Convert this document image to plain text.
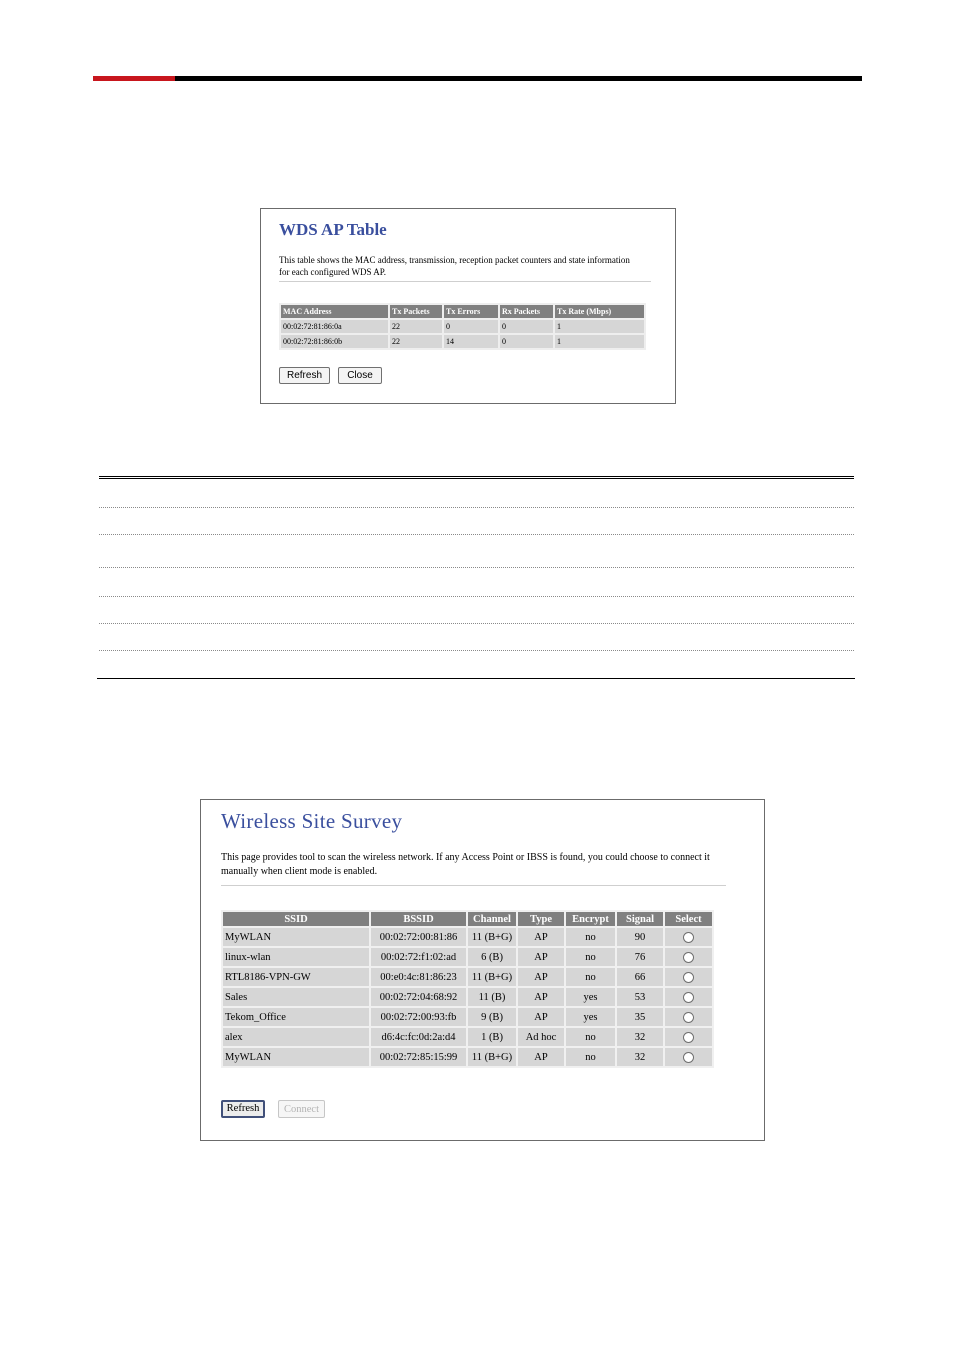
WDS AP Table
This table shows the MAC address, transmission, reception packet counters and state information for each configured WDS AP.
MAC Address	Tx Packets	Tx Errors	Rx Packets	Tx Rate (Mbps)
00:02:72:81:86:0a	22	0	0	1
00:02:72:81:86:0b	22	14	0	1
Refresh	Close
Wireless Site Survey
This page provides tool to scan the wireless network. If any Access Point or IBSS is found, you could choose to connect it manually when client mode is enabled.
SSID	BSSID	Channel	Type	Encrypt	Signal	Select
MyWLAN	00:02:72:00:81:86	11 (B+G)	AP	no	90	
linux-wlan	00:02:72:f1:02:ad	6 (B)	AP	no	76	
RTL8186-VPN-GW	00:e0:4c:81:86:23	11 (B+G)	AP	no	66	
Sales	00:02:72:04:68:92	11 (B)	AP	yes	53	
Tekom_Office	00:02:72:00:93:fb	9 (B)	AP	yes	35	
alex	d6:4c:fc:0d:2a:d4	1 (B)	Ad hoc	no	32	
MyWLAN	00:02:72:85:15:99	11 (B+G)	AP	no	32	
Refresh	Connect
